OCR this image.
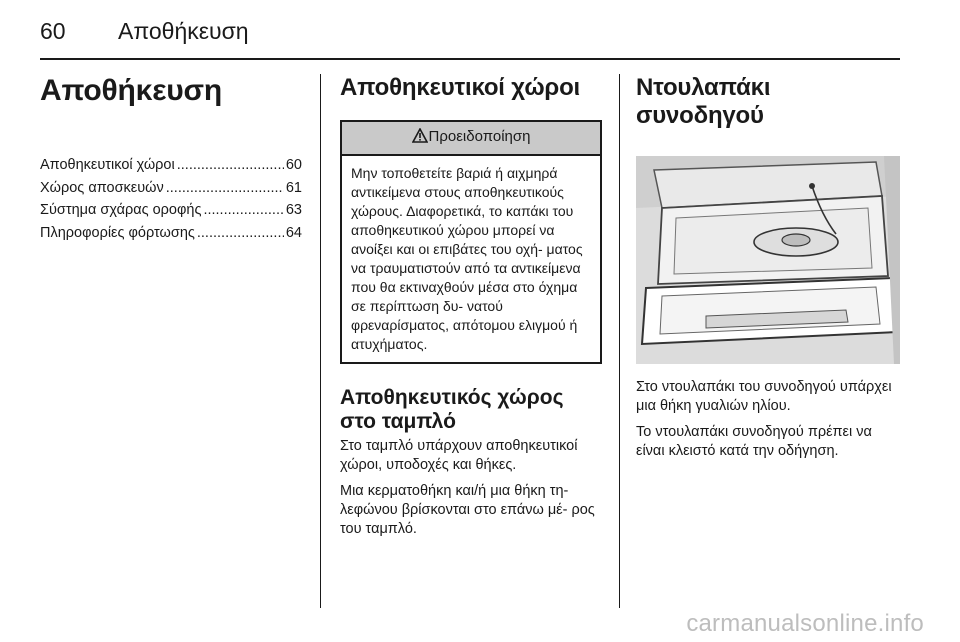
60 Αποθήκευση
Αποθήκευση
Αποθηκευτικοί χώροι .....	60
Χώρος αποσκευών .....	61
Σύστημα σχάρας οροφής .....	63
Πληροφορίες φόρτωσης .....	64
Αποθηκευτικοί χώροι
Προειδοποίηση
Μην τοποθετείτε βαριά ή αιχμηρά αντικείμενα στους αποθηκευτικούς χώρους. Διαφορετικά, το καπάκι του αποθηκευτικού χώρου μπορεί να ανοίξει και οι επιβάτες του οχή- ματος να τραυματιστούν από τα αντικείμενα που θα εκτιναχθούν μέσα στο όχημα σε περίπτωση δυ- νατού φρεναρίσματος, απότομου ελιγμού ή ατυχήματος.
Αποθηκευτικός χώρος στο ταμπλό

Στο ταμπλό υπάρχουν αποθηκευτικοί χώροι, υποδοχές και θήκες.

Μια κερματοθήκη και/ή μια θήκη τη- λεφώνου βρίσκονται στο επάνω μέ- ρος του ταμπλό.

Ντουλαπάκι συνοδηγού

Στο ντουλαπάκι του συνοδηγού υπάρχει μια θήκη γυαλιών ηλίου.

Το ντουλαπάκι συνοδηγού πρέπει να είναι κλειστό κατά την οδήγηση.

carmanualsonline.info
